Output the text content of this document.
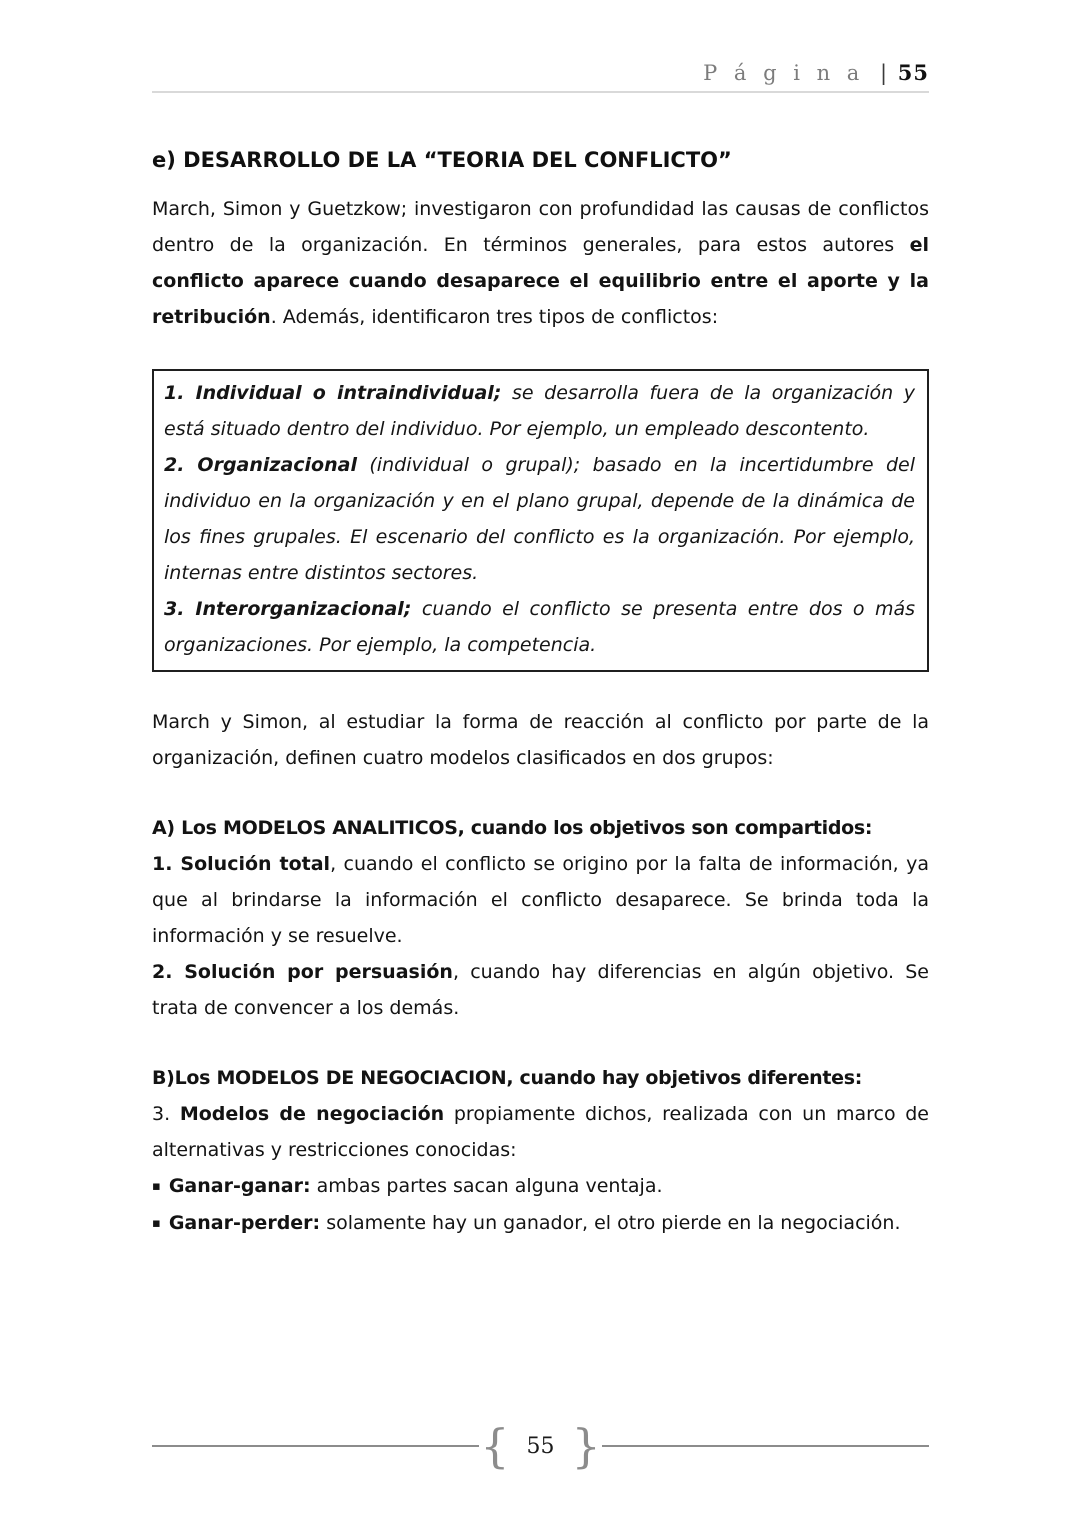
P á g i n a | 55
e) DESARROLLO DE LA “TEORIA DEL CONFLICTO”

March, Simon y Guetzkow; investigaron con profundidad las causas de conflictos dentro de la organización. En términos generales, para estos autores el conflicto aparece cuando desaparece el equilibrio entre el aporte y la retribución. Además, identificaron tres tipos de conflictos:

1. Individual o intraindividual; se desarrolla fuera de la organización y está situado dentro del individuo. Por ejemplo, un empleado descontento.

2. Organizacional (individual o grupal); basado en la incertidumbre del individuo en la organización y en el plano grupal, depende de la dinámica de los fines grupales. El escenario del conflicto es la organización. Por ejemplo, internas entre distintos sectores.

3. Interorganizacional; cuando el conflicto se presenta entre dos o más organizaciones. Por ejemplo, la competencia.

March y Simon, al estudiar la forma de reacción al conflicto por parte de la organización, definen cuatro modelos clasificados en dos grupos:

A) Los MODELOS ANALITICOS, cuando los objetivos son compartidos:

1. Solución total, cuando el conflicto se origino por la falta de información, ya que al brindarse la información el conflicto desaparece. Se brinda toda la información y se resuelve.

2. Solución por persuasión, cuando hay diferencias en algún objetivo. Se trata de convencer a los demás.

B)Los MODELOS DE NEGOCIACION, cuando hay objetivos diferentes:

3. Modelos de negociación propiamente dichos, realizada con un marco de alternativas y restricciones conocidas:

▪ Ganar-ganar: ambas partes sacan alguna ventaja.

▪ Ganar-perder: solamente hay un ganador, el otro pierde en la negociación.

{ 55 }
